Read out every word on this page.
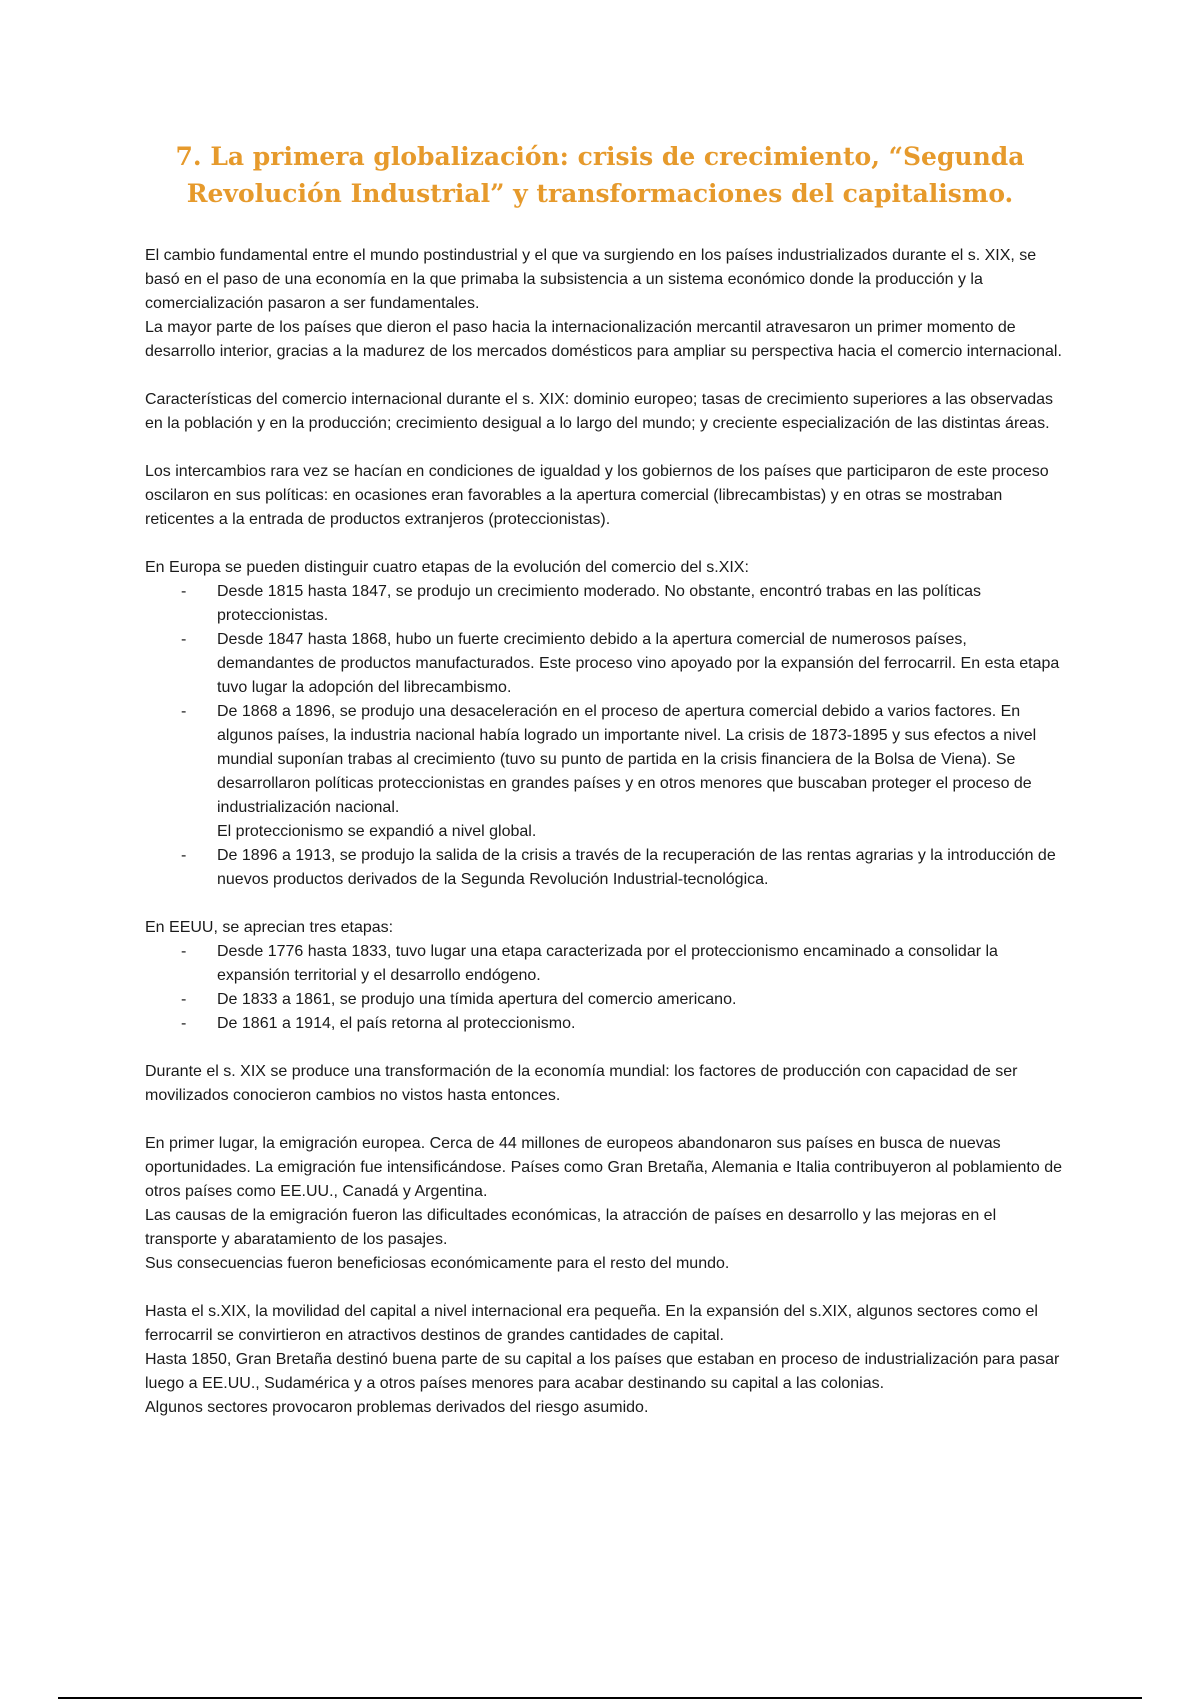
7. La primera globalización: crisis de crecimiento, “Segunda Revolución Industrial” y transformaciones del capitalismo.

El cambio fundamental entre el mundo postindustrial y el que va surgiendo en los países industrializados durante el s. XIX, se basó en el paso de una economía en la que primaba la subsistencia a un sistema económico donde la producción y la comercialización pasaron a ser fundamentales.

La mayor parte de los países que dieron el paso hacia la internacionalización mercantil atravesaron un primer momento de desarrollo interior, gracias a la madurez de los mercados domésticos para ampliar su perspectiva hacia el comercio internacional.

Características del comercio internacional durante el s. XIX: dominio europeo; tasas de crecimiento superiores a las observadas en la población y en la producción; crecimiento desigual a lo largo del mundo; y creciente especialización de las distintas áreas.

Los intercambios rara vez se hacían en condiciones de igualdad y los gobiernos de los países que participaron de este proceso oscilaron en sus políticas: en ocasiones eran favorables a la apertura comercial (librecambistas) y en otras se mostraban reticentes a la entrada de productos extranjeros (proteccionistas).

En Europa se pueden distinguir cuatro etapas de la evolución del comercio del s.XIX:

- Desde 1815 hasta 1847, se produjo un crecimiento moderado. No obstante, encontró trabas en las políticas proteccionistas.
- Desde 1847 hasta 1868, hubo un fuerte crecimiento debido a la apertura comercial de numerosos países, demandantes de productos manufacturados. Este proceso vino apoyado por la expansión del ferrocarril. En esta etapa tuvo lugar la adopción del librecambismo.
- De 1868 a 1896, se produjo una desaceleración en el proceso de apertura comercial debido a varios factores. En algunos países, la industria nacional había logrado un importante nivel. La crisis de 1873-1895 y sus efectos a nivel mundial suponían trabas al crecimiento (tuvo su punto de partida en la crisis financiera de la Bolsa de Viena). Se desarrollaron políticas proteccionistas en grandes países y en otros menores que buscaban proteger el proceso de industrialización nacional.
El proteccionismo se expandió a nivel global.
- De 1896 a 1913, se produjo la salida de la crisis a través de la recuperación de las rentas agrarias y la introducción de nuevos productos derivados de la Segunda Revolución Industrial-tecnológica.

En EEUU, se aprecian tres etapas:

- Desde 1776 hasta 1833, tuvo lugar una etapa caracterizada por el proteccionismo encaminado a consolidar la expansión territorial y el desarrollo endógeno.
- De 1833 a 1861, se produjo una tímida apertura del comercio americano.
- De 1861 a 1914, el país retorna al proteccionismo.

Durante el s. XIX se produce una transformación de la economía mundial: los factores de producción con capacidad de ser movilizados conocieron cambios no vistos hasta entonces.

En primer lugar, la emigración europea. Cerca de 44 millones de europeos abandonaron sus países en busca de nuevas oportunidades. La emigración fue intensificándose. Países como Gran Bretaña, Alemania e Italia contribuyeron al poblamiento de otros países como EE.UU., Canadá y Argentina.

Las causas de la emigración fueron las dificultades económicas, la atracción de países en desarrollo y las mejoras en el transporte y abaratamiento de los pasajes.

Sus consecuencias fueron beneficiosas económicamente para el resto del mundo.

Hasta el s.XIX, la movilidad del capital a nivel internacional era pequeña. En la expansión del s.XIX, algunos sectores como el ferrocarril se convirtieron en atractivos destinos de grandes cantidades de capital.

Hasta 1850, Gran Bretaña destinó buena parte de su capital a los países que estaban en proceso de industrialización para pasar luego a EE.UU., Sudamérica y a otros países menores para acabar destinando su capital a las colonias.

Algunos sectores provocaron problemas derivados del riesgo asumido.
